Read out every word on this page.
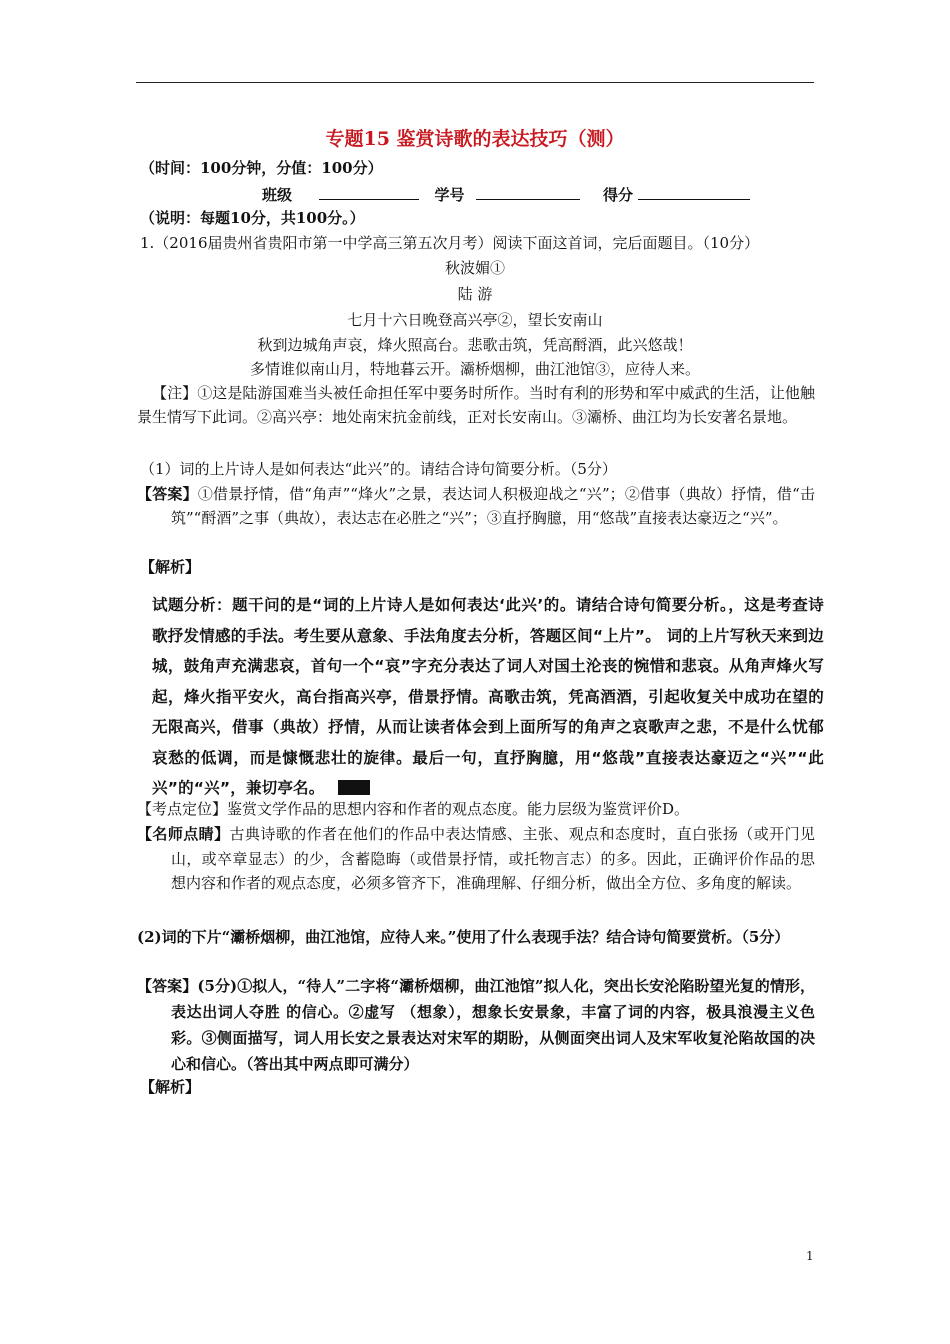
专题15 鉴赏诗歌的表达技巧（测）
（时间：100分钟，分值：100分）
班级	学号	得分
（说明：每题10分，共100分。）
1.（2016届贵州省贵阳市第一中学高三第五次月考）阅读下面这首词，完后面题目。（10分）
秋波媚①
陆 游
七月十六日晚登高兴亭②，望长安南山
秋到边城角声哀，烽火照高台。悲歌击筑，凭高酹酒，此兴悠哉！
多情谁似南山月，特地暮云开。灞桥烟柳，曲江池馆③，应待人来。
【注】①这是陆游国难当头被任命担任军中要务时所作。当时有利的形势和军中威武的生活，让他触景生情写下此词。②高兴亭：地处南宋抗金前线，正对长安南山。③灞桥、曲江均为长安著名景地。
（1）词的上片诗人是如何表达“此兴”的。请结合诗句简要分析。（5分）
【答案】①借景抒情，借“角声”“烽火”之景，表达词人积极迎战之“兴”；②借事（典故）抒情，借“击筑”“酹酒”之事（典故），表达志在必胜之“兴”；③直抒胸臆，用“悠哉”直接表达豪迈之“兴”。
【解析】

试题分析：题干问的是“词的上片诗人是如何表达‘此兴’的。请结合诗句简要分析。，这是考查诗歌抒发情感的手法。考生要从意象、手法角度去分析，答题区间“上片”。 词的上片写秋天来到边城，鼓角声充满悲哀，首句一个“哀”字充分表达了词人对国土沦丧的惋惜和悲哀。从角声烽火写起，烽火指平安火，高台指高兴亭，借景抒情。高歌击筑，凭高酒酒，引起收复关中成功在望的无限高兴，借事（典故）抒情，从而让读者体会到上面所写的角声之哀歌声之悲，不是什么忧郁哀愁的低调，而是慷慨悲壮的旋律。最后一句，直抒胸臆，用“悠哉”直接表达豪迈之“兴”“此兴”的“兴”，兼切亭名。

【考点定位】鉴赏文学作品的思想内容和作者的观点态度。能力层级为鉴赏评价D。
【名师点睛】古典诗歌的作者在他们的作品中表达情感、主张、观点和态度时，直白张扬（或开门见山，或卒章显志）的少，含蓄隐晦（或借景抒情，或托物言志）的多。因此，正确评价作品的思想内容和作者的观点态度，必须多管齐下，准确理解、仔细分析，做出全方位、多角度的解读。
(2)词的下片“灞桥烟柳，曲江池馆，应待人来。”使用了什么表现手法？结合诗句简要赏析。（5分）
【答案】(5分)①拟人，“待人”二字将“灞桥烟柳，曲江池馆”拟人化，突出长安沦陷盼望光复的情形，表达出词人夺胜 的信心。②虚写 （想象），想象长安景象，丰富了词的内容，极具浪漫主义色彩。③侧面描写，词人用长安之景表达对宋军的期盼，从侧面突出词人及宋军收复沦陷故国的决心和信心。（答出其中两点即可满分）
【解析】
1
